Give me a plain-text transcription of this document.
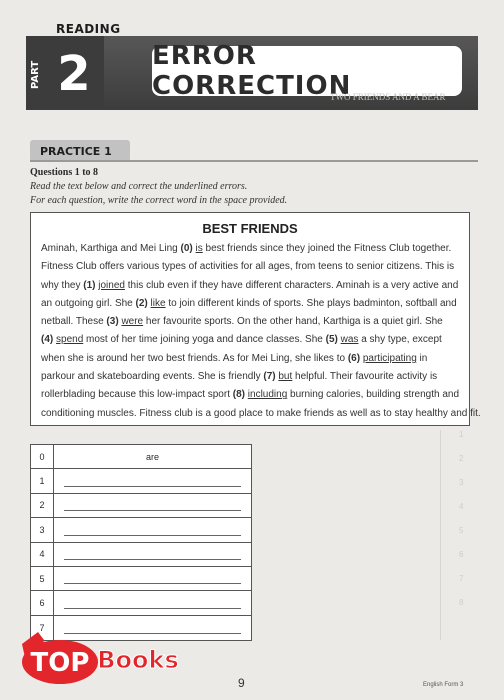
READING
PART 2	ERROR CORRECTION
TWO FRIENDS AND A BEAR
PRACTICE 1
Questions 1 to 8
Read the text below and correct the underlined errors.
For each question, write the correct word in the space provided.
BEST FRIENDS
Aminah, Karthiga and Mei Ling (0) is best friends since they joined the Fitness Club together.
Fitness Club offers various types of activities for all ages, from teens to senior citizens. This is
why they (1) joined this club even if they have different characters. Aminah is a very active and
an outgoing girl. She (2) like to join different kinds of sports. She plays badminton, softball and
netball. These (3) were her favourite sports. On the other hand, Karthiga is a quiet girl. She
(4) spend most of her time joining yoga and dance classes. She (5) was a shy type, except
when she is around her two best friends. As for Mei Ling, she likes to (6) participating in
parkour and skateboarding events. She is friendly (7) but helpful. Their favourite activity is
rollerblading because this low-impact sport (8) including burning calories, building strength and
conditioning muscles. Fitness club is a good place to make friends as well as to stay healthy and fit.
1
2
3
4
5
6
7
8
0	are
1
2
3
4
5
6
7
TOP Books
9	English Form 3
